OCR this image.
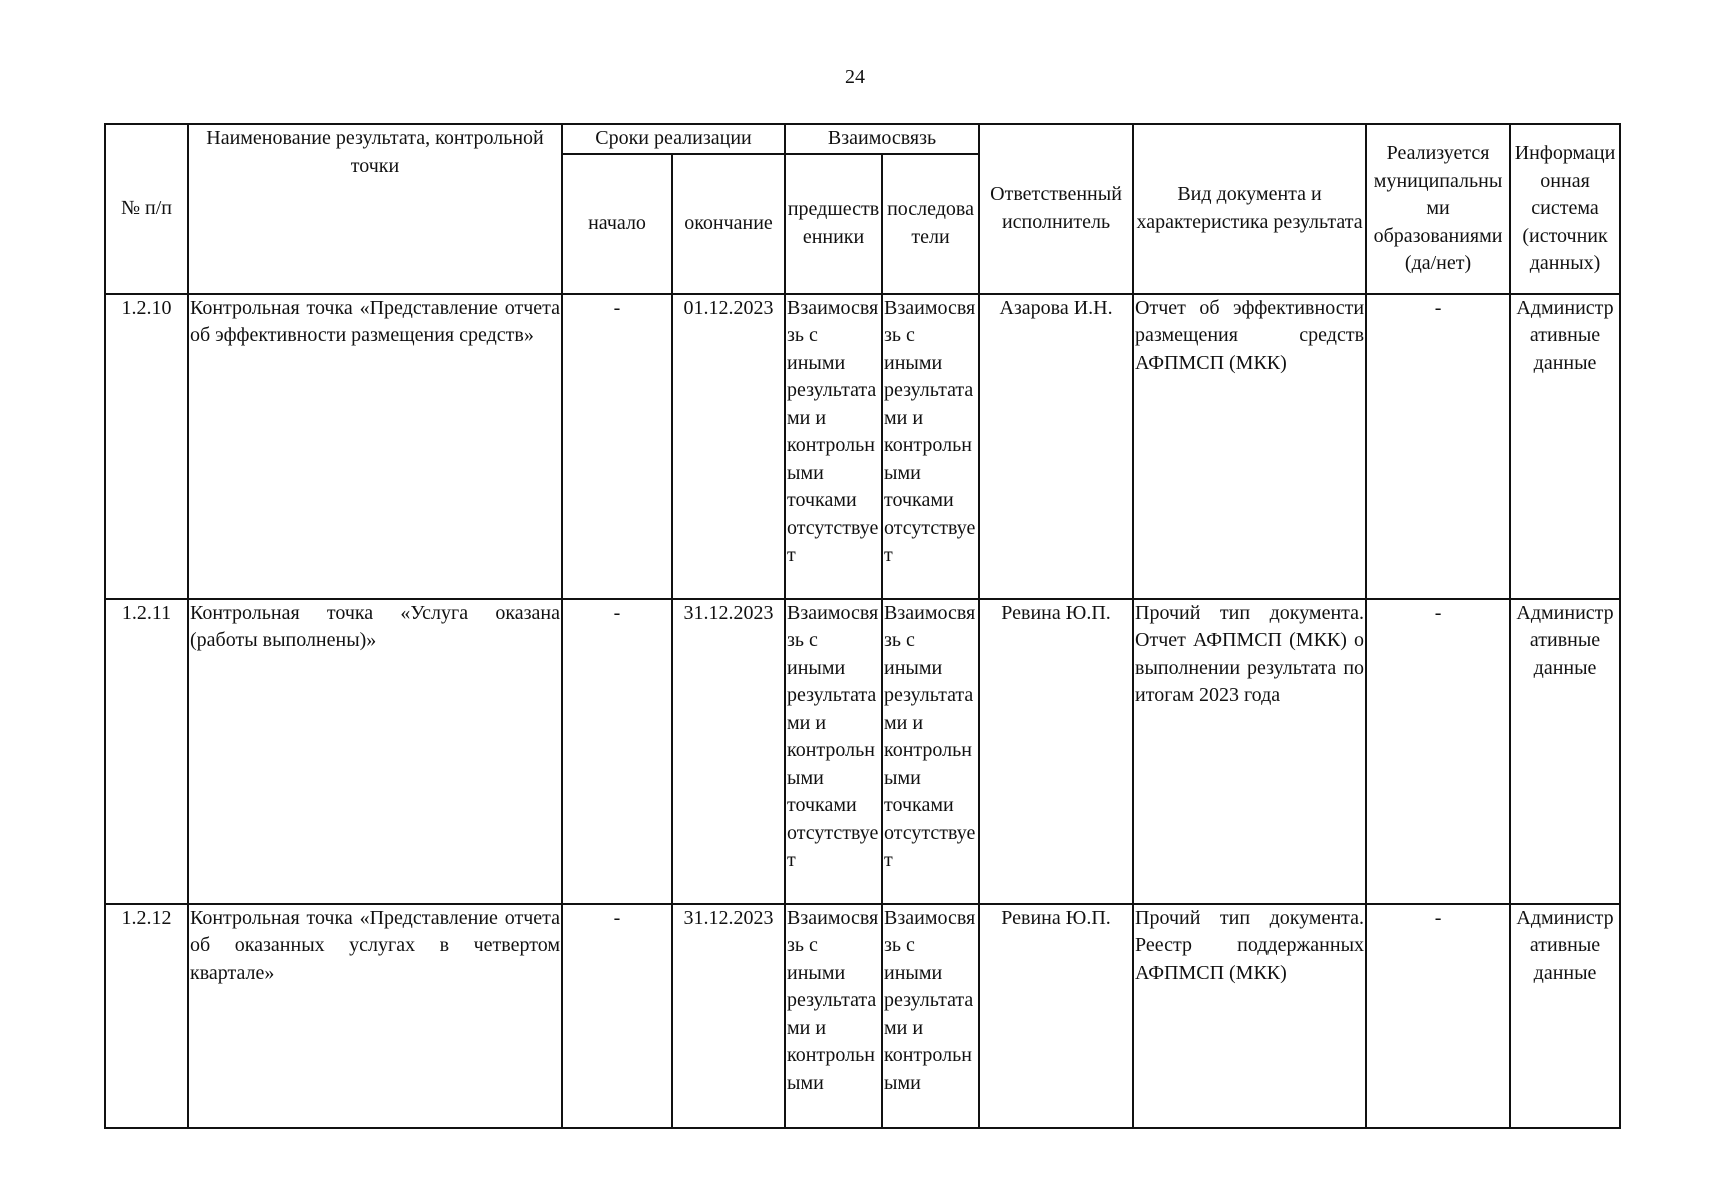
24
№ п/п	Наименование результата, контрольной точки	Сроки реализации		Взаимосвязь		Ответственный исполнитель	Вид документа и характеристика результата	Реализуется муниципальными образованиями (да/нет)	Информационная система (источник данных)
		начало	окончание	предшественники	последователи				
1.2.10	Контрольная точка «Представление отчета об эффективности размещения средств»	-	01.12.2023	Взаимосвязь с иными результатами и контрольными точками отсутствует	Взаимосвязь с иными результатами и контрольными точками отсутствует	Азарова И.Н.	Отчет об эффективности размещения средств АФПМСП (МКК)	-	Административные данные
1.2.11	Контрольная точка «Услуга оказана (работы выполнены)»	-	31.12.2023	Взаимосвязь с иными результатами и контрольными точками отсутствует	Взаимосвязь с иными результатами и контрольными точками отсутствует	Ревина Ю.П.	Прочий тип документа. Отчет АФПМСП (МКК) о выполнении результата по итогам 2023 года	-	Административные данные
1.2.12	Контрольная точка «Представление отчета об оказанных услугах в четвертом квартале»	-	31.12.2023	Взаимосвязь с иными результатами и контрольными	Взаимосвязь с иными результатами и контрольными	Ревина Ю.П.	Прочий тип документа. Реестр поддержанных АФПМСП (МКК)	-	Административные данные
